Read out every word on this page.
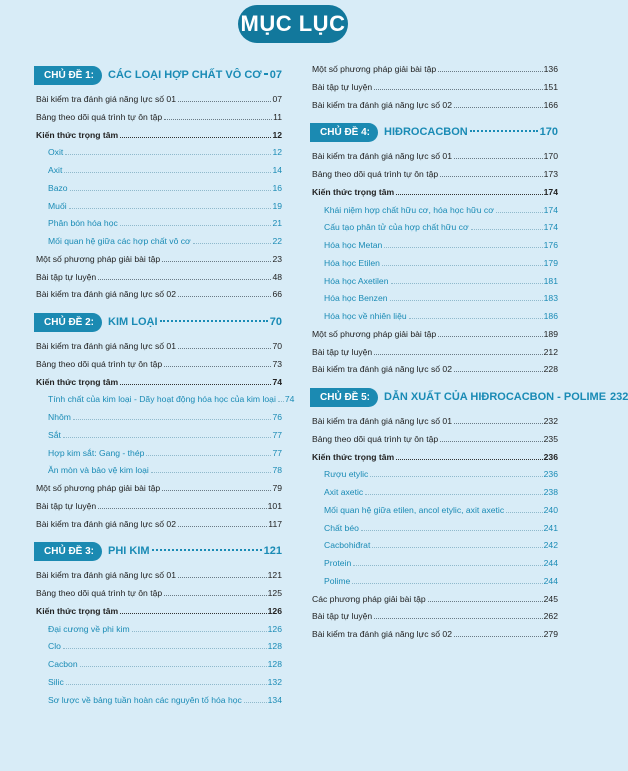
MỤC LỤC
CHỦ ĐỀ 1:	CÁC LOẠI HỢP CHẤT VÔ CƠ 07
Bài kiểm tra đánh giá năng lực số 01	07
Bảng theo dõi quá trình tự ôn tập	11
Kiến thức trọng tâm	12
Oxit	12
Axit	14
Bazo	16
Muối	19
Phân bón hóa học	21
Mối quan hệ giữa các hợp chất vô cơ	22
Một số phương pháp giải bài tập	23
Bài tập tự luyện	48
Bài kiểm tra đánh giá năng lực số 02	66
CHỦ ĐỀ 2:	KIM LOẠI	70
Bài kiểm tra đánh giá năng lực số 01	70
Bảng theo dõi quá trình tự ôn tập	73
Kiến thức trọng tâm	74
Tính chất của kim loại - Dãy hoạt động hóa học của kim loại 74
Nhôm	76
Sắt	77
Hợp kim sắt: Gang - thép	77
Ăn mòn và bảo vệ kim loại	78
Một số phương pháp giải bài tập	79
Bài tập tự luyện	101
Bài kiểm tra đánh giá năng lực số 02	117
CHỦ ĐỀ 3:	PHI KIM	121
Bài kiểm tra đánh giá năng lực số 01	121
Bảng theo dõi quá trình tự ôn tập	125
Kiến thức trọng tâm	126
Đại cương về phi kim	126
Clo	128
Cacbon	128
Silic	132
Sơ lược về bảng tuần hoàn các nguyên tố hóa học	134
Một số phương pháp giải bài tập	136
Bài tập tự luyện	151
Bài kiểm tra đánh giá năng lực số 02	166
CHỦ ĐỀ 4:	HIĐROCACBON	170
Bài kiểm tra đánh giá năng lực số 01	170
Bảng theo dõi quá trình tự ôn tập	173
Kiến thức trọng tâm	174
Khái niệm hợp chất hữu cơ, hóa học hữu cơ	174
Cấu tạo phân tử của hợp chất hữu cơ	174
Hóa học Metan	176
Hóa học Etilen	179
Hóa học Axetilen	181
Hóa học Benzen	183
Hóa học về nhiên liệu	186
Một số phương pháp giải bài tập	189
Bài tập tự luyện	212
Bài kiểm tra đánh giá năng lực số 02	228
CHỦ ĐỀ 5:	DẪN XUẤT CỦA HIĐROCACBON - POLIME 232
Bài kiểm tra đánh giá năng lực số 01	232
Bảng theo dõi quá trình tự ôn tập	235
Kiến thức trọng tâm	236
Rượu etylic	236
Axit axetic	238
Mối quan hệ giữa etilen, ancol etylic, axit axetic	240
Chất béo	241
Cacbohiđrat	242
Protein	244
Polime	244
Các phương pháp giải bài tập	245
Bài tập tự luyện	262
Bài kiểm tra đánh giá năng lực số 02	279
